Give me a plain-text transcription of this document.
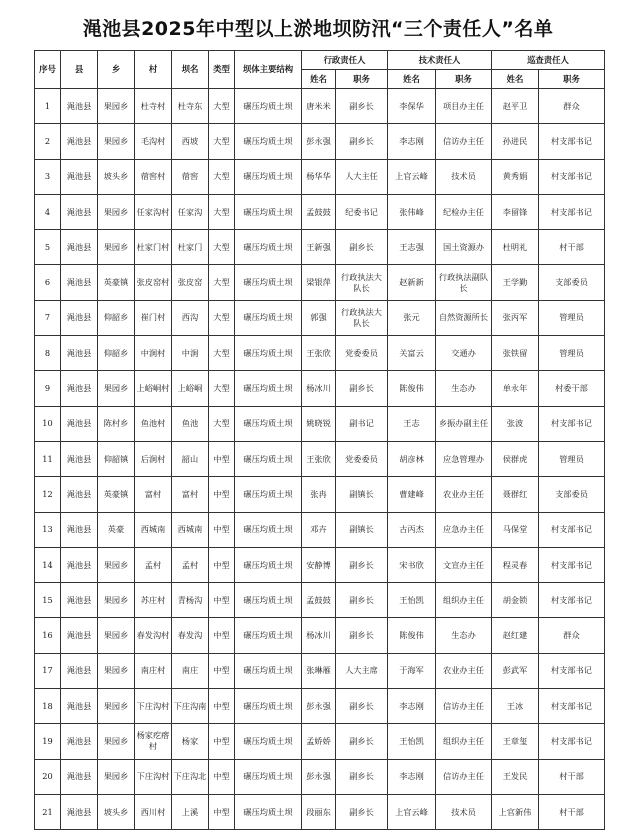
渑池县2025年中型以上淤地坝防汛“三个责任人”名单
序号	县	乡	村	坝名	类型	坝体主要结构	行政责任人		技术责任人		巡查责任人	
							姓名	职务	姓名	职务	姓名	职务
1	渑池县	果园乡	杜寺村	杜寺东	大型	碾压均质土坝	唐米米	副乡长	李保华	项目办主任	赵平卫	群众
2	渑池县	果园乡	毛沟村	西坡	大型	碾压均质土坝	彭永强	副乡长	李志刚	信访办主任	孙进民	村支部书记
3	渑池县	坡头乡	蓿窖村	蓿窖	大型	碾压均质土坝	杨华华	人大主任	上官云峰	技术员	黄秀娟	村支部书记
4	渑池县	果园乡	任家沟村	任家沟	大型	碾压均质土坝	孟鼓鼓	纪委书记	张伟峰	纪检办主任	李留锋	村支部书记
5	渑池县	果园乡	杜家门村	杜家门	大型	碾压均质土坝	王新强	副乡长	王志强	国土资源办	杜明礼	村干部
6	渑池县	英豪镇	张皮窑村	张皮窑	大型	碾压均质土坝	梁银萍	行政执法大队长	赵新新	行政执法副队长	王学勤	支部委员
7	渑池县	仰韶乡	崔门村	西沟	大型	碾压均质土坝	郭强	行政执法大队长	张元	自然资源所长	张丙军	管理员
8	渑池县	仰韶乡	中涧村	中涧	大型	碾压均质土坝	王张欣	党委委员	关富云	交通办	张铁留	管理员
9	渑池县	果园乡	上峪峒村	上峪峒	大型	碾压均质土坝	杨冰川	副乡长	陈俊伟	生态办	单永年	村委干部
10	渑池县	陈村乡	鱼池村	鱼池	大型	碾压均质土坝	姚晓锐	副书记	王志	乡振办副主任	张波	村支部书记
11	渑池县	仰韶镇	后涧村	韶山	中型	碾压均质土坝	王张欣	党委委员	胡彦林	应急管理办	侯群虎	管理员
12	渑池县	英豪镇	富村	富村	中型	碾压均质土坝	张冉	副镇长	曹建峰	农业办主任	聂群红	支部委员
13	渑池县	英豪	西城南	西城南	中型	碾压均质土坝	邓卉	副镇长	古丙杰	应急办主任	马保堂	村支部书记
14	渑池县	果园乡	孟村	孟村	中型	碾压均质土坝	安静博	副乡长	宋书欣	文宣办主任	程灵春	村支部书记
15	渑池县	果园乡	苏庄村	青杨沟	中型	碾压均质土坝	孟鼓鼓	副乡长	王怡凯	组织办主任	胡金锁	村支部书记
16	渑池县	果园乡	春发沟村	春发沟	中型	碾压均质土坝	杨冰川	副乡长	陈俊伟	生态办	赵红建	群众
17	渑池县	果园乡	南庄村	南庄	中型	碾压均质土坝	张琳雁	人大主席	于海军	农业办主任	彭武军	村支部书记
18	渑池县	果园乡	下庄沟村	下庄沟南	中型	碾压均质土坝	彭永强	副乡长	李志刚	信访办主任	王冰	村支部书记
19	渑池县	果园乡	杨家疙瘩村	杨家	中型	碾压均质土坝	孟娇娇	副乡长	王怡凯	组织办主任	王章玺	村支部书记
20	渑池县	果园乡	下庄沟村	下庄沟北	中型	碾压均质土坝	彭永强	副乡长	李志刚	信访办主任	王发民	村干部
21	渑池县	坡头乡	西川村	上溪	中型	碾压均质土坝	段丽东	副乡长	上官云峰	技术员	上官新伟	村干部
